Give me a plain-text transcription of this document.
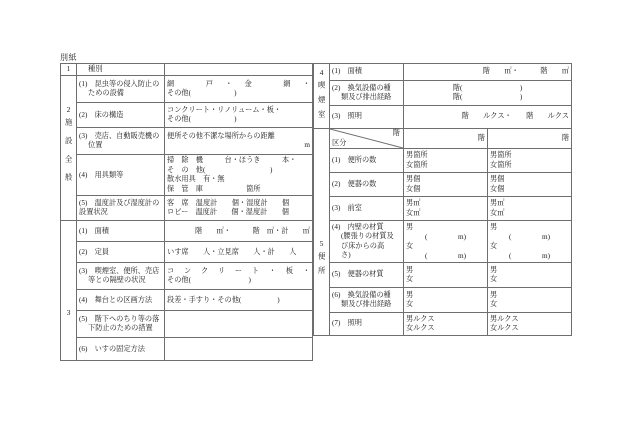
別紙
1	種別	

2
施設全般	(1)　 昆虫等の侵入防止の
ための設備	網　戸・金　網・
その他(　　　　　　)

	(2)　 床の構造	コンクリート・リノリューム・板・
その他(　　　　　　)

	(3)　 売店、自動販売機の
位置	便所その他不潔な場所からの距離
m

	(4)　 用具類等	掃　除　機　　　台・ほうき　　　本・
そ　の　他(　　　　　　　　　)
散水用具　有・無
保　管　庫　　　　　　箇所

	(5)　 温度計及び湿度計の
設置状況	客　席　温度計　　個・湿度計　　個
ロビー　温度計　　個・湿度計　　個

3	(1)　 面積	階　　㎡・　　　階　㎡・計　　㎡

	(2)　 定員	いす席　　人・立見席　　人・計　　人

	(3)　 喫煙室、便所、売店
等との隔壁の状況	コ ン ク リ ー ト ・ 板 ・
その他(　　　　　　　　)

	(4)　 舞台との区画方法	段差・手すり・その他(　　　　　)

	(5)　 階下へのちり等の落
下防止のための措置	

	(6)　 いすの固定方法	

4
喫煙室	(1)　 面積	階　　㎡・　　　階　　㎡	

	(2)　 換気設備の種
類及び排出経路	階(　　　　　　　　)
階(　　　　　　　　)	

	(3)　 照明	階　　ルクス・　　階　　ルクス	

5
便所	階
区分	階	階

	(1)　 便所の数	男箇所
女箇所	男箇所
女箇所

	(2)　 便器の数	男個
女個	男個
女個

	(3)　 前室	男㎡
女㎡	男㎡
女㎡

	(4)　 内壁の材質
(腰張りの材質及
び床からの高
さ)	男
(　　　　 m)
女
(　　　　 m)	男
(　　　　 m)
女
(　　　　 m)

	(5)　 便器の材質	男
女	男
女

	(6)　 換気設備の種
類及び排出経路	男
女	男
女

	(7)　 照明	男ルクス
女ルクス	男ルクス
女ルクス
